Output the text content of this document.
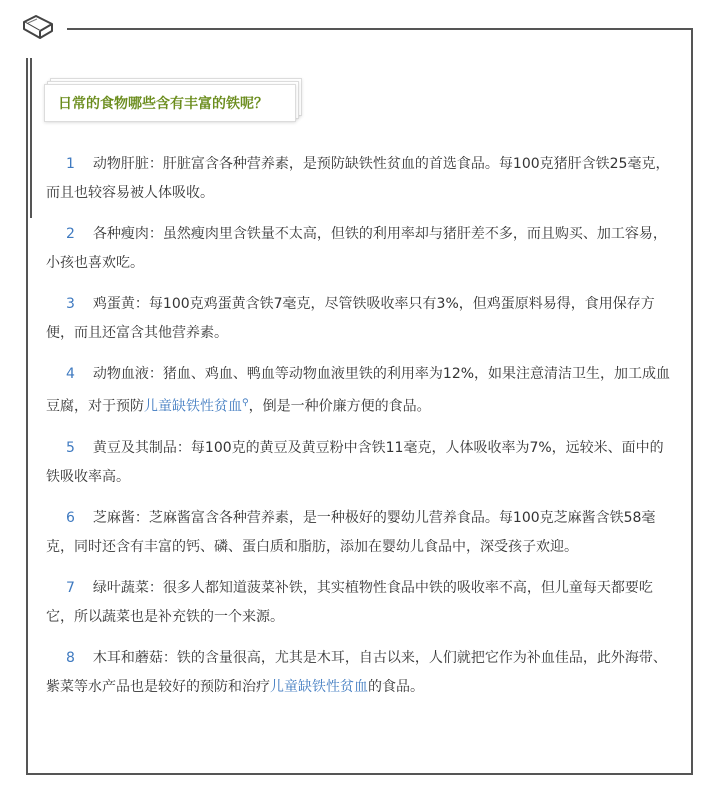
日常的食物哪些含有丰富的铁呢？

1 动物肝脏：肝脏富含各种营养素，是预防缺铁性贫血的首选食品。每100克猪肝含铁25毫克，而且也较容易被人体吸收。

2 各种瘦肉：虽然瘦肉里含铁量不太高，但铁的利用率却与猪肝差不多，而且购买、加工容易，小孩也喜欢吃。

3 鸡蛋黄：每100克鸡蛋黄含铁7毫克，尽管铁吸收率只有3%，但鸡蛋原料易得，食用保存方便，而且还富含其他营养素。

4 动物血液：猪血、鸡血、鸭血等动物血液里铁的利用率为12%，如果注意清洁卫生，加工成血豆腐，对于预防儿童缺铁性贫血⚲，倒是一种价廉方便的食品。

5 黄豆及其制品：每100克的黄豆及黄豆粉中含铁11毫克，人体吸收率为7%，远较米、面中的铁吸收率高。

6 芝麻酱：芝麻酱富含各种营养素，是一种极好的婴幼儿营养食品。每100克芝麻酱含铁58毫克，同时还含有丰富的钙、磷、蛋白质和脂肪，添加在婴幼儿食品中，深受孩子欢迎。

7 绿叶蔬菜：很多人都知道菠菜补铁，其实植物性食品中铁的吸收率不高，但儿童每天都要吃它，所以蔬菜也是补充铁的一个来源。

8 木耳和蘑菇：铁的含量很高，尤其是木耳，自古以来，人们就把它作为补血佳品，此外海带、紫菜等水产品也是较好的预防和治疗儿童缺铁性贫血的食品。
